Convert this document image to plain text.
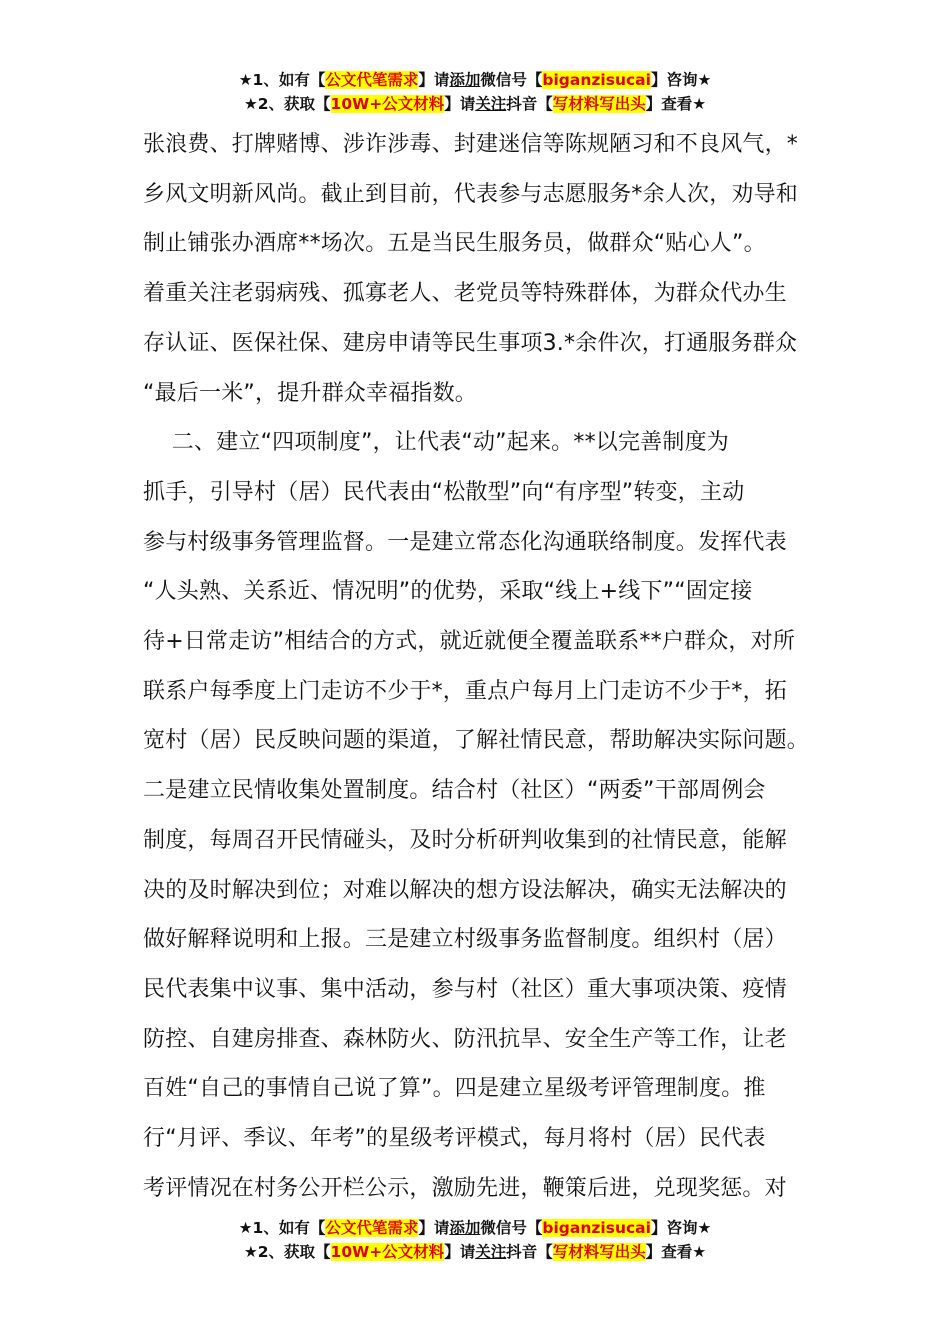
★1、如有【公文代笔需求】请添加微信号【biganzisucai】咨询★
★2、获取【10W+公文材料】请关注抖音【写材料写出头】查看★

张浪费、打牌赌博、涉诈涉毒、封建迷信等陈规陋习和不良风气，*

乡风文明新风尚。截止到目前，代表参与志愿服务*余人次，劝导和

制止铺张办酒席**场次。五是当民生服务员，做群众“贴心人”。

着重关注老弱病残、孤寡老人、老党员等特殊群体，为群众代办生

存认证、医保社保、建房申请等民生事项3.*余件次，打通服务群众

“最后一米”，提升群众幸福指数。

二、建立“四项制度”，让代表“动”起来。**以完善制度为

抓手，引导村（居）民代表由“松散型”向“有序型”转变，主动

参与村级事务管理监督。一是建立常态化沟通联络制度。发挥代表

“人头熟、关系近、情况明”的优势，采取“线上+线下”“固定接

待+日常走访”相结合的方式，就近就便全覆盖联系**户群众，对所

联系户每季度上门走访不少于*，重点户每月上门走访不少于*，拓

宽村（居）民反映问题的渠道，了解社情民意，帮助解决实际问题。

二是建立民情收集处置制度。结合村（社区）“两委”干部周例会

制度，每周召开民情碰头，及时分析研判收集到的社情民意，能解

决的及时解决到位；对难以解决的想方设法解决，确实无法解决的

做好解释说明和上报。三是建立村级事务监督制度。组织村（居）

民代表集中议事、集中活动，参与村（社区）重大事项决策、疫情

防控、自建房排查、森林防火、防汛抗旱、安全生产等工作，让老

百姓“自己的事情自己说了算”。四是建立星级考评管理制度。推

行“月评、季议、年考”的星级考评模式，每月将村（居）民代表

考评情况在村务公开栏公示，激励先进，鞭策后进，兑现奖惩。对

★1、如有【公文代笔需求】请添加微信号【biganzisucai】咨询★
★2、获取【10W+公文材料】请关注抖音【写材料写出头】查看★
